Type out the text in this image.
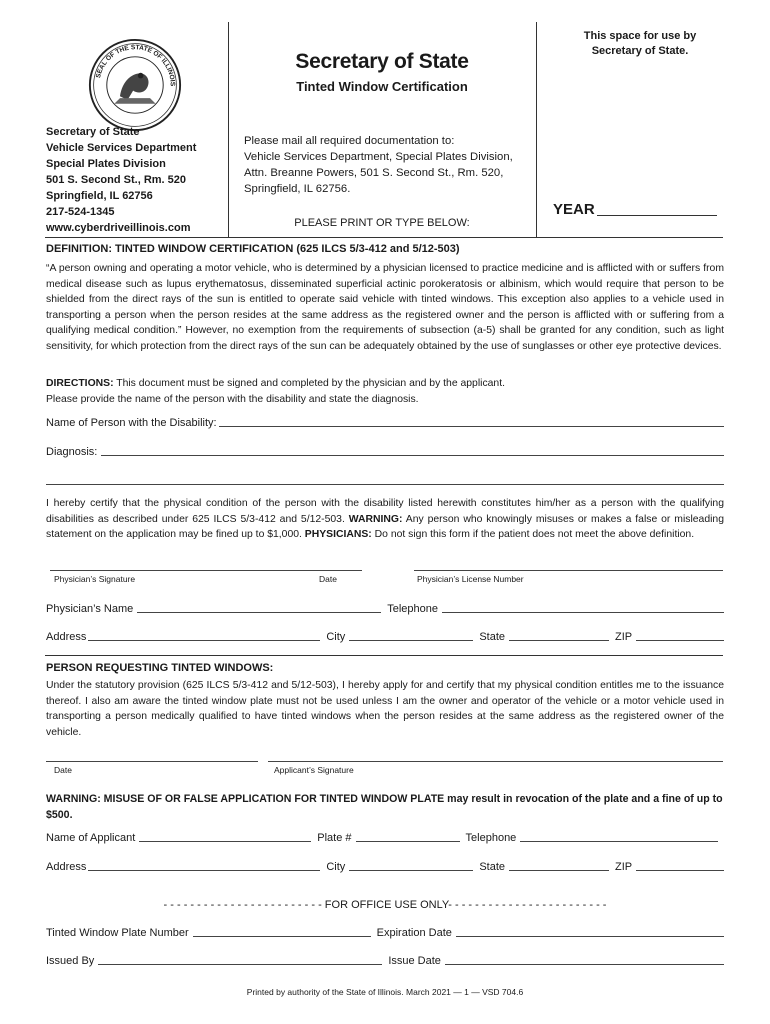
SEAL OF THE STATE OF ILLINOIS
Secretary of State
Tinted Window Certification
This space for use by
Secretary of State.
Secretary of State
Vehicle Services Department
Special Plates Division
501 S. Second St., Rm. 520
Springfield, IL 62756
217-524-1345
www.cyberdriveillinois.com
Please mail all required documentation to:
Vehicle Services Department, Special Plates Division,
Attn. Breanne Powers, 501 S. Second St., Rm. 520,
Springfield, IL 62756.
PLEASE PRINT OR TYPE BELOW:
YEAR
DEFINITION: TINTED WINDOW CERTIFICATION (625 ILCS 5/3-412 and 5/12-503)
“A person owning and operating a motor vehicle, who is determined by a physician licensed to practice medicine and is afflicted with or suffers from medical disease such as lupus erythematosus, disseminated superficial actinic porokeratosis or albinism, which would require that person to be shielded from the direct rays of the sun is entitled to operate said vehicle with tinted windows. This exception also applies to a vehicle used in transporting a person when the person resides at the same address as the registered owner and the person is afflicted with or suffering from a qualifying medical condition.” However, no exemption from the requirements of subsection (a-5) shall be granted for any condition, such as light sensitivity, for which protection from the direct rays of the sun can be adequately obtained by the use of sunglasses or other eye protective devices.
DIRECTIONS: This document must be signed and completed by the physician and by the applicant.
Please provide the name of the person with the disability and state the diagnosis.
Name of Person with the Disability:
Diagnosis:
I hereby certify that the physical condition of the person with the disability listed herewith constitutes him/her as a person with the qualifying disabilities as described under 625 ILCS 5/3-412 and 5/12-503. WARNING: Any person who knowingly misuses or makes a false or misleading statement on the application may be fined up to $1,000. PHYSICIANS: Do not sign this form if the patient does not meet the above definition.
Physician’s Signature	Date	Physician’s License Number
Physician’s Name	Telephone
Address	City	State	ZIP
PERSON REQUESTING TINTED WINDOWS:
Under the statutory provision (625 ILCS 5/3-412 and 5/12-503), I hereby apply for and certify that my physical condition entitles me to the issuance thereof. I also am aware the tinted window plate must not be used unless I am the owner and operator of the vehicle or a motor vehicle used in transporting a person medically qualified to have tinted windows when the person resides at the same address as the registered owner of the vehicle.
Date	Applicant’s Signature
WARNING: MISUSE OF OR FALSE APPLICATION FOR TINTED WINDOW PLATE may result in revocation of the plate and a fine of up to $500.
Name of Applicant	Plate #	Telephone
Address	City	State	ZIP
- - - - - - - - - - - - - - - - - - - - - - - - FOR OFFICE USE ONLY- - - - - - - - - - - - - - - - - - - - - - - -
Tinted Window Plate Number	Expiration Date
Issued By	Issue Date
Printed by authority of the State of Illinois. March 2021 — 1 — VSD 704.6
